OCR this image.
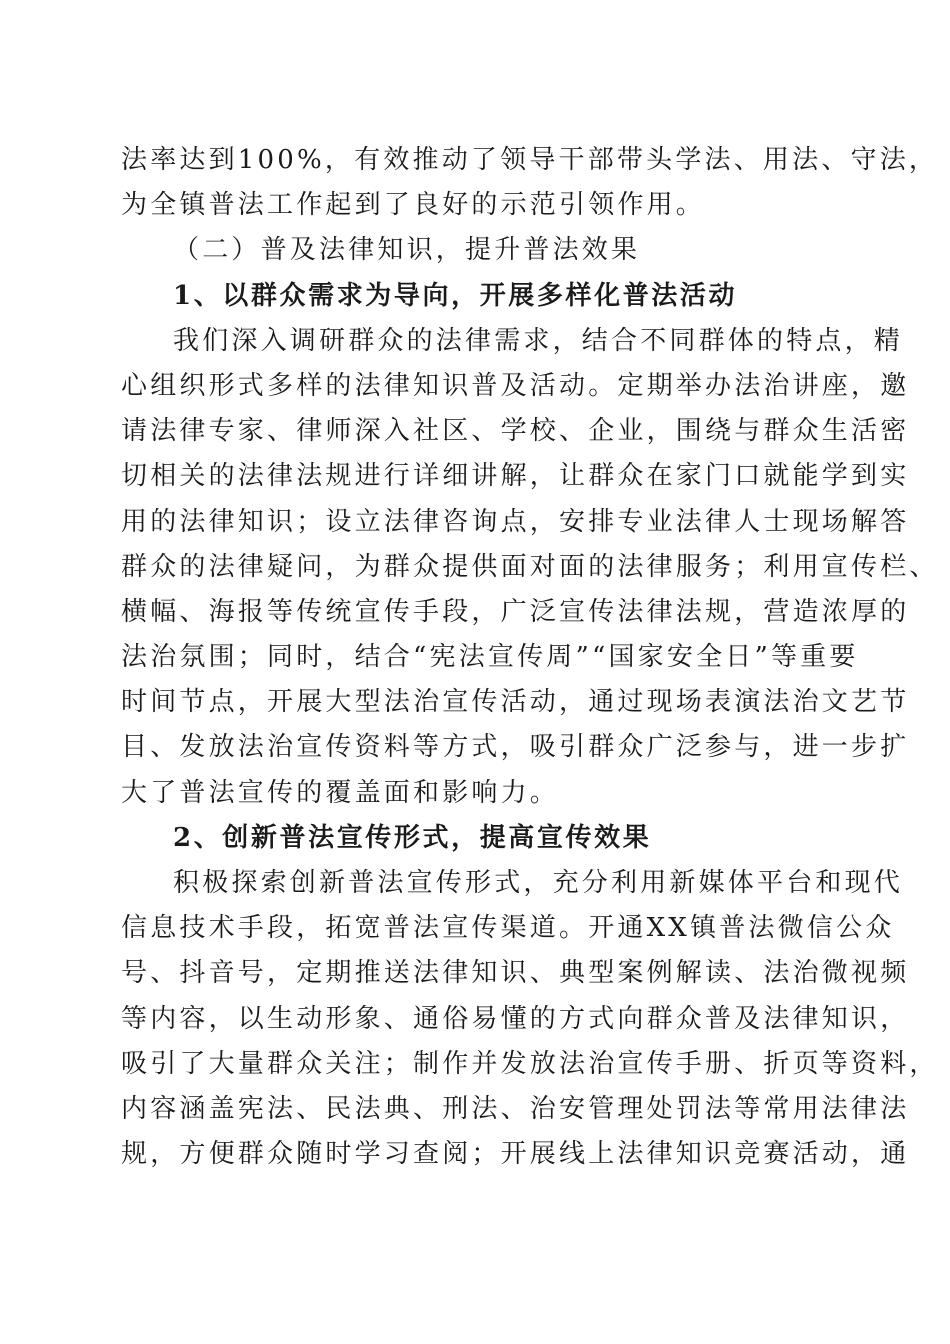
法率达到100%，有效推动了领导干部带头学法、用法、守法，
为全镇普法工作起到了良好的示范引领作用。
（二）普及法律知识，提升普法效果
1、以群众需求为导向，开展多样化普法活动
我们深入调研群众的法律需求，结合不同群体的特点，精
心组织形式多样的法律知识普及活动。定期举办法治讲座，邀
请法律专家、律师深入社区、学校、企业，围绕与群众生活密
切相关的法律法规进行详细讲解，让群众在家门口就能学到实
用的法律知识；设立法律咨询点，安排专业法律人士现场解答
群众的法律疑问，为群众提供面对面的法律服务；利用宣传栏、
横幅、海报等传统宣传手段，广泛宣传法律法规，营造浓厚的
法治氛围；同时，结合“宪法宣传周”“国家安全日”等重要
时间节点，开展大型法治宣传活动，通过现场表演法治文艺节
目、发放法治宣传资料等方式，吸引群众广泛参与，进一步扩
大了普法宣传的覆盖面和影响力。
2、创新普法宣传形式，提高宣传效果
积极探索创新普法宣传形式，充分利用新媒体平台和现代
信息技术手段，拓宽普法宣传渠道。开通XX镇普法微信公众
号、抖音号，定期推送法律知识、典型案例解读、法治微视频
等内容，以生动形象、通俗易懂的方式向群众普及法律知识，
吸引了大量群众关注；制作并发放法治宣传手册、折页等资料，
内容涵盖宪法、民法典、刑法、治安管理处罚法等常用法律法
规，方便群众随时学习查阅；开展线上法律知识竞赛活动，通
